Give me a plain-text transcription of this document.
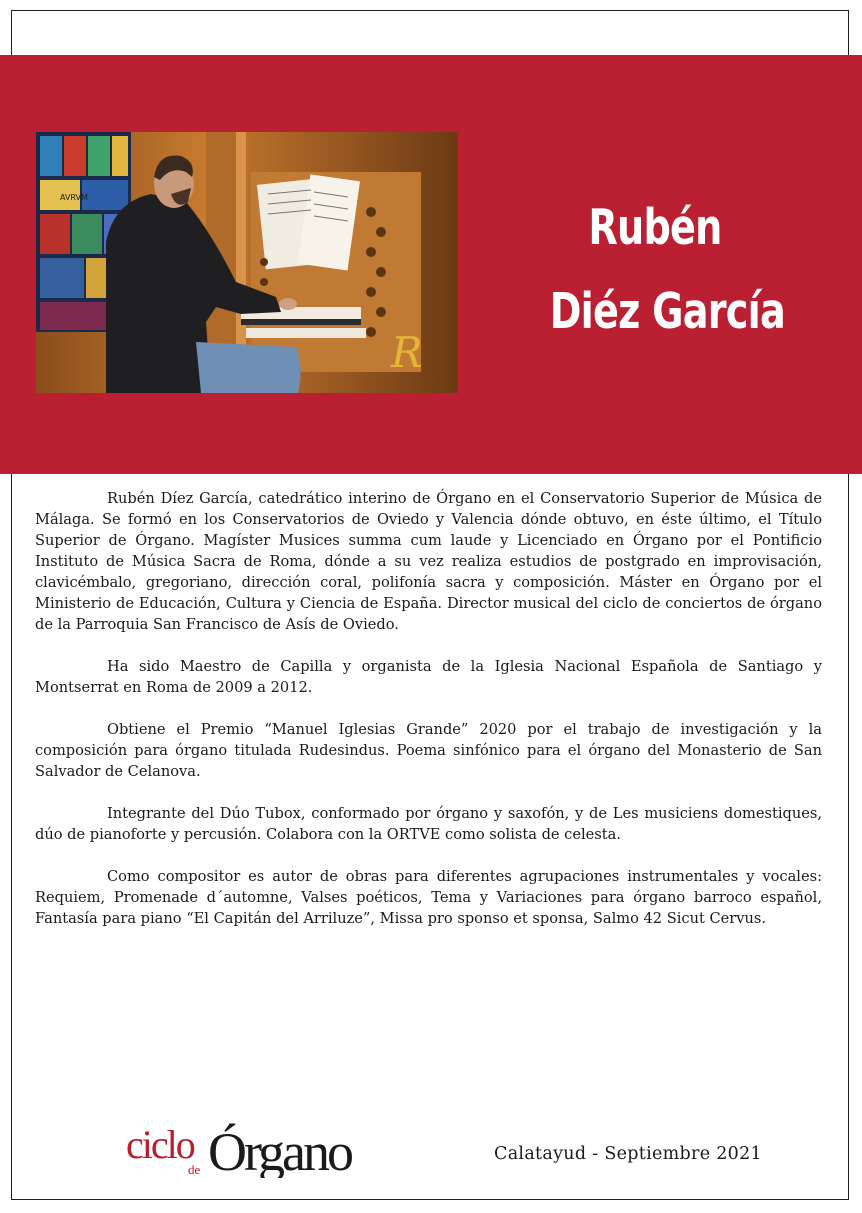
AVRVM
R
Rubén
Diéz García

Rubén Díez García, catedrático interino de Órgano en el Conservatorio Superior de Música de Málaga. Se formó en los Conservatorios de Oviedo y Valencia dónde obtuvo, en éste último, el Título Superior de Órgano. Magíster Musices summa cum laude y Licenciado en Órgano por el Pontificio Instituto de Música Sacra de Roma, dónde a su vez realiza estudios de postgrado en improvisación, clavicémbalo, gregoriano, dirección coral, polifonía sacra y composición. Máster en Órgano por el Ministerio de Educación, Cultura y Ciencia de España. Director musical del ciclo de conciertos de órgano de la Parroquia San Francisco de Asís de Oviedo.

Ha sido Maestro de Capilla y organista de la Iglesia Nacional Española de Santiago y Montserrat en Roma de 2009 a 2012.

Obtiene el Premio “Manuel Iglesias Grande” 2020 por el trabajo de investigación y la composición para órgano titulada Rudesindus. Poema sinfónico para el órgano del Monasterio de San Salvador de Celanova.

Integrante del Dúo Tubox, conformado por órgano y saxofón, y de Les musiciens domestiques, dúo de pianoforte y percusión. Colabora con la ORTVE como solista de celesta.

Como compositor es autor de obras para diferentes agrupaciones instrumentales y vocales: Requiem, Promenade d´automne, Valses poéticos, Tema y Variaciones para órgano barroco español, Fantasía para piano “El Capitán del Arriluze”, Missa pro sponso et sponsa, Salmo 42 Sicut Cervus.

ciclo
de Órgano	Calatayud - Septiembre 2021
